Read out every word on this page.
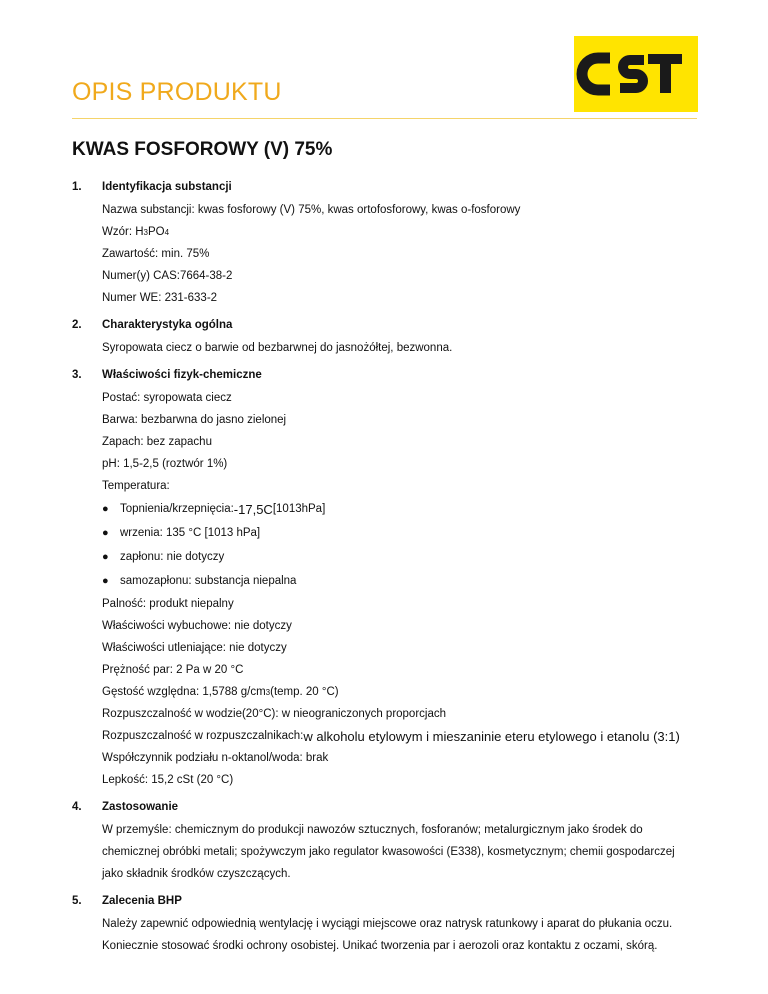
OPIS PRODUKTU
KWAS FOSFOROWY (V) 75%
1.	Identyfikacja substancji
Nazwa substancji: kwas fosforowy (V) 75%, kwas ortofosforowy, kwas o-fosforowy
Wzór: H 3 PO 4
Zawartość: min. 75%
Numer(y) CAS:7664-38-2
Numer WE: 231-633-2
2.	Charakterystyka ogólna
Syropowata ciecz o barwie od bezbarwnej do jasnożółtej, bezwonna.
3.	Właściwości fizyk-chemiczne
Postać: syropowata ciecz
Barwa: bezbarwna do jasno zielonej
Zapach: bez zapachu
pH: 1,5-2,5 (roztwór 1%)
Temperatura:
● Topnienia/krzepnięcia: -17,5C [1013hPa]
● wrzenia: 135 °C [1013 hPa]
● zapłonu: nie dotyczy
● samozapłonu: substancja niepalna
Palność: produkt niepalny
Właściwości wybuchowe: nie dotyczy
Właściwości utleniające: nie dotyczy
Prężność par: 2 Pa w 20 °C
Gęstość względna: 1,5788 g/cm 3 (temp. 20 °C)
Rozpuszczalność w wodzie(20°C): w nieograniczonych proporcjach
Rozpuszczalność w rozpuszczalnikach: w alkoholu etylowym i mieszaninie eteru etylowego i etanolu (3:1)
Współczynnik podziału n-oktanol/woda: brak
Lepkość: 15,2 cSt (20 °C)
4.	Zastosowanie
W przemyśle: chemicznym do produkcji nawozów sztucznych, fosforanów; metalurgicznym jako środek do
chemicznej obróbki metali; spożywczym jako regulator kwasowości (E338), kosmetycznym; chemii gospodarczej
jako składnik środków czyszczących.
5.	Zalecenia BHP
Należy zapewnić odpowiednią wentylację i wyciągi miejscowe oraz natrysk ratunkowy i aparat do płukania oczu.
Koniecznie stosować środki ochrony osobistej. Unikać tworzenia par i aerozoli oraz kontaktu z oczami, skórą.
